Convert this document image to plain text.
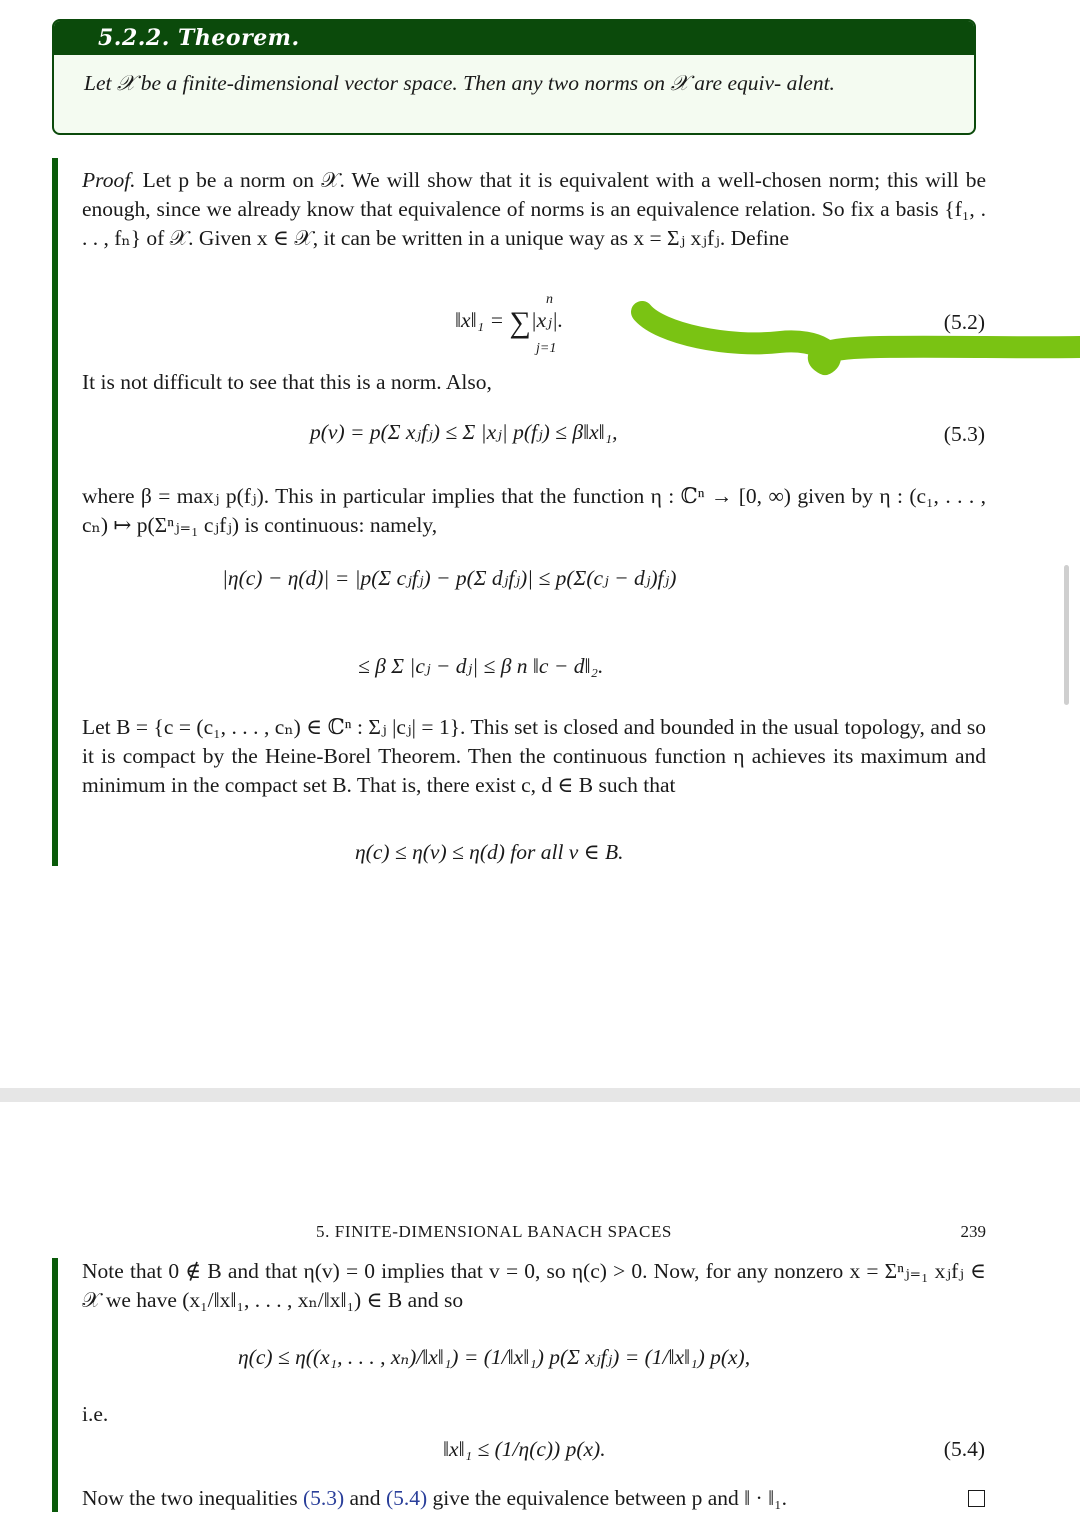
5.2.2. Theorem.
Let 𝒳 be a finite-dimensional vector space. Then any two norms on 𝒳 are equiv- alent.
Proof. Let p be a norm on 𝒳. We will show that it is equivalent with a well-chosen norm; this will be enough, since we already know that equivalence of norms is an equivalence relation. So fix a basis {f₁, . . . , fₙ} of 𝒳. Given x ∈ 𝒳, it can be written in a unique way as x = Σⱼ xⱼfⱼ. Define
‖x‖₁ = ∑|xⱼ|.
n
j=1
(5.2)
It is not difficult to see that this is a norm. Also,
p(v) = p(Σ xⱼfⱼ) ≤ Σ |xⱼ| p(fⱼ) ≤ β‖x‖₁,	(5.3)
where β = maxⱼ p(fⱼ). This in particular implies that the function η : ℂⁿ → [0, ∞) given by η : (c₁, . . . , cₙ) ↦ p(Σⁿⱼ₌₁ cⱼfⱼ) is continuous: namely,
|η(c) − η(d)| = |p(Σ cⱼfⱼ) − p(Σ dⱼfⱼ)| ≤ p(Σ(cⱼ − dⱼ)fⱼ)
≤ β Σ |cⱼ − dⱼ| ≤ β n ‖c − d‖₂.
Let B = {c = (c₁, . . . , cₙ) ∈ ℂⁿ : Σⱼ |cⱼ| = 1}. This set is closed and bounded in the usual topology, and so it is compact by the Heine-Borel Theorem. Then the continuous function η achieves its maximum and minimum in the compact set B. That is, there exist c, d ∈ B such that
η(c) ≤ η(v) ≤ η(d) for all v ∈ B.
5. FINITE-DIMENSIONAL BANACH SPACES	239
Note that 0 ∉ B and that η(v) = 0 implies that v = 0, so η(c) > 0. Now, for any nonzero x = Σⁿⱼ₌₁ xⱼfⱼ ∈ 𝒳 we have (x₁/‖x‖₁, . . . , xₙ/‖x‖₁) ∈ B and so
η(c) ≤ η((x₁, . . . , xₙ)/‖x‖₁) = (1/‖x‖₁) p(Σ xⱼfⱼ) = (1/‖x‖₁) p(x),
i.e.
‖x‖₁ ≤ (1/η(c)) p(x).	(5.4)
Now the two inequalities (5.3) and (5.4) give the equivalence between p and ‖ · ‖₁.
